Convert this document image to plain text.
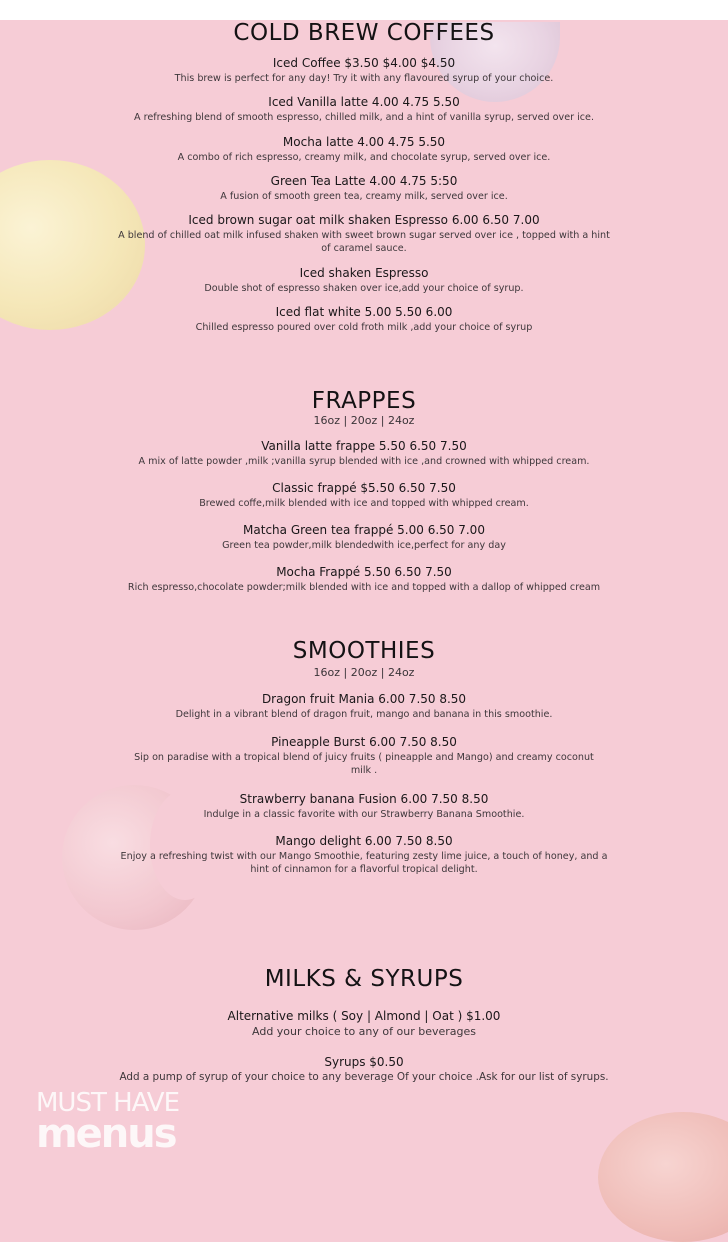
COLD BREW COFFEES
Iced Coffee $3.50 $4.00 $4.50
This brew is perfect for any day! Try it with any flavoured syrup of your choice.
Iced Vanilla latte 4.00 4.75 5.50
A refreshing blend of smooth espresso, chilled milk, and a hint of vanilla syrup, served over ice.
Mocha latte 4.00 4.75 5.50
A combo of rich espresso, creamy milk, and chocolate syrup, served over ice.
Green Tea Latte 4.00 4.75 5:50
A fusion of smooth green tea, creamy milk, served over ice.
Iced brown sugar oat milk shaken Espresso 6.00 6.50 7.00
A blend of chilled oat milk infused shaken with sweet brown sugar served over ice , topped with a hint of caramel sauce.
Iced shaken Espresso
Double shot of espresso shaken over ice,add your choice of syrup.
Iced flat white 5.00 5.50 6.00
Chilled espresso poured over cold froth milk ,add your choice of syrup
FRAPPES
16oz | 20oz | 24oz
Vanilla latte frappe 5.50 6.50 7.50
A mix of latte powder ,milk ;vanilla syrup blended with ice ,and crowned with whipped cream.
Classic frappé $5.50 6.50 7.50
Brewed coffe,milk blended with ice and topped with whipped cream.
Matcha Green tea frappé 5.00 6.50 7.00
Green tea powder,milk blendedwith ice,perfect for any day
Mocha Frappé 5.50 6.50 7.50
Rich espresso,chocolate powder;milk blended with ice and topped with a dallop of whipped cream
SMOOTHIES
16oz | 20oz | 24oz
Dragon fruit Mania 6.00 7.50 8.50
Delight in a vibrant blend of dragon fruit, mango and banana in this smoothie.
Pineapple Burst 6.00 7.50 8.50
Sip on paradise with a tropical blend of juicy fruits ( pineapple and Mango) and creamy coconut milk .
Strawberry banana Fusion 6.00 7.50 8.50
Indulge in a classic favorite with our Strawberry Banana Smoothie.
Mango delight 6.00 7.50 8.50
Enjoy a refreshing twist with our Mango Smoothie, featuring zesty lime juice, a touch of honey, and a hint of cinnamon for a flavorful tropical delight.
MILKS & SYRUPS
Alternative milks ( Soy | Almond | Oat ) $1.00
Add your choice to any of our beverages
Syrups $0.50
Add a pump of syrup of your choice to any beverage Of your choice .Ask for our list of syrups.
MUST HAVE
menus
